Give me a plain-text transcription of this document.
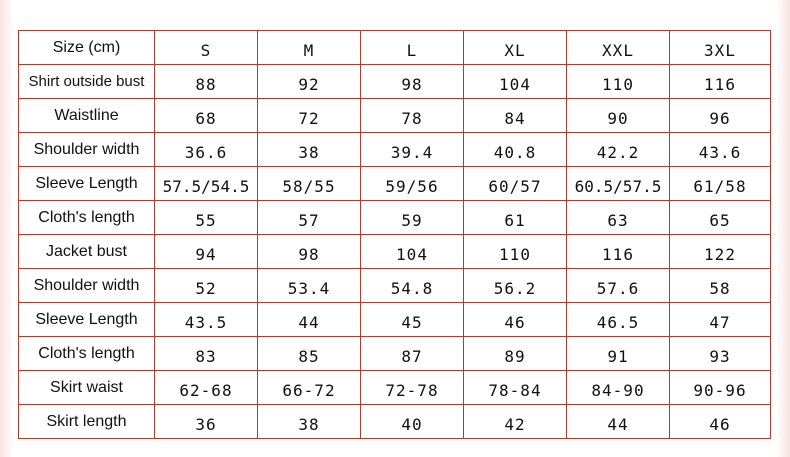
Size (cm)	S	M	L	XL	XXL	3XL
Shirt outside bust	88	92	98	104	110	116
Waistline	68	72	78	84	90	96
Shoulder width	36.6	38	39.4	40.8	42.2	43.6
Sleeve Length	57.5/54.5	58/55	59/56	60/57	60.5/57.5	61/58
Cloth's length	55	57	59	61	63	65
Jacket bust	94	98	104	110	116	122
Shoulder width	52	53.4	54.8	56.2	57.6	58
Sleeve Length	43.5	44	45	46	46.5	47
Cloth's length	83	85	87	89	91	93
Skirt waist	62-68	66-72	72-78	78-84	84-90	90-96
Skirt length	36	38	40	42	44	46
